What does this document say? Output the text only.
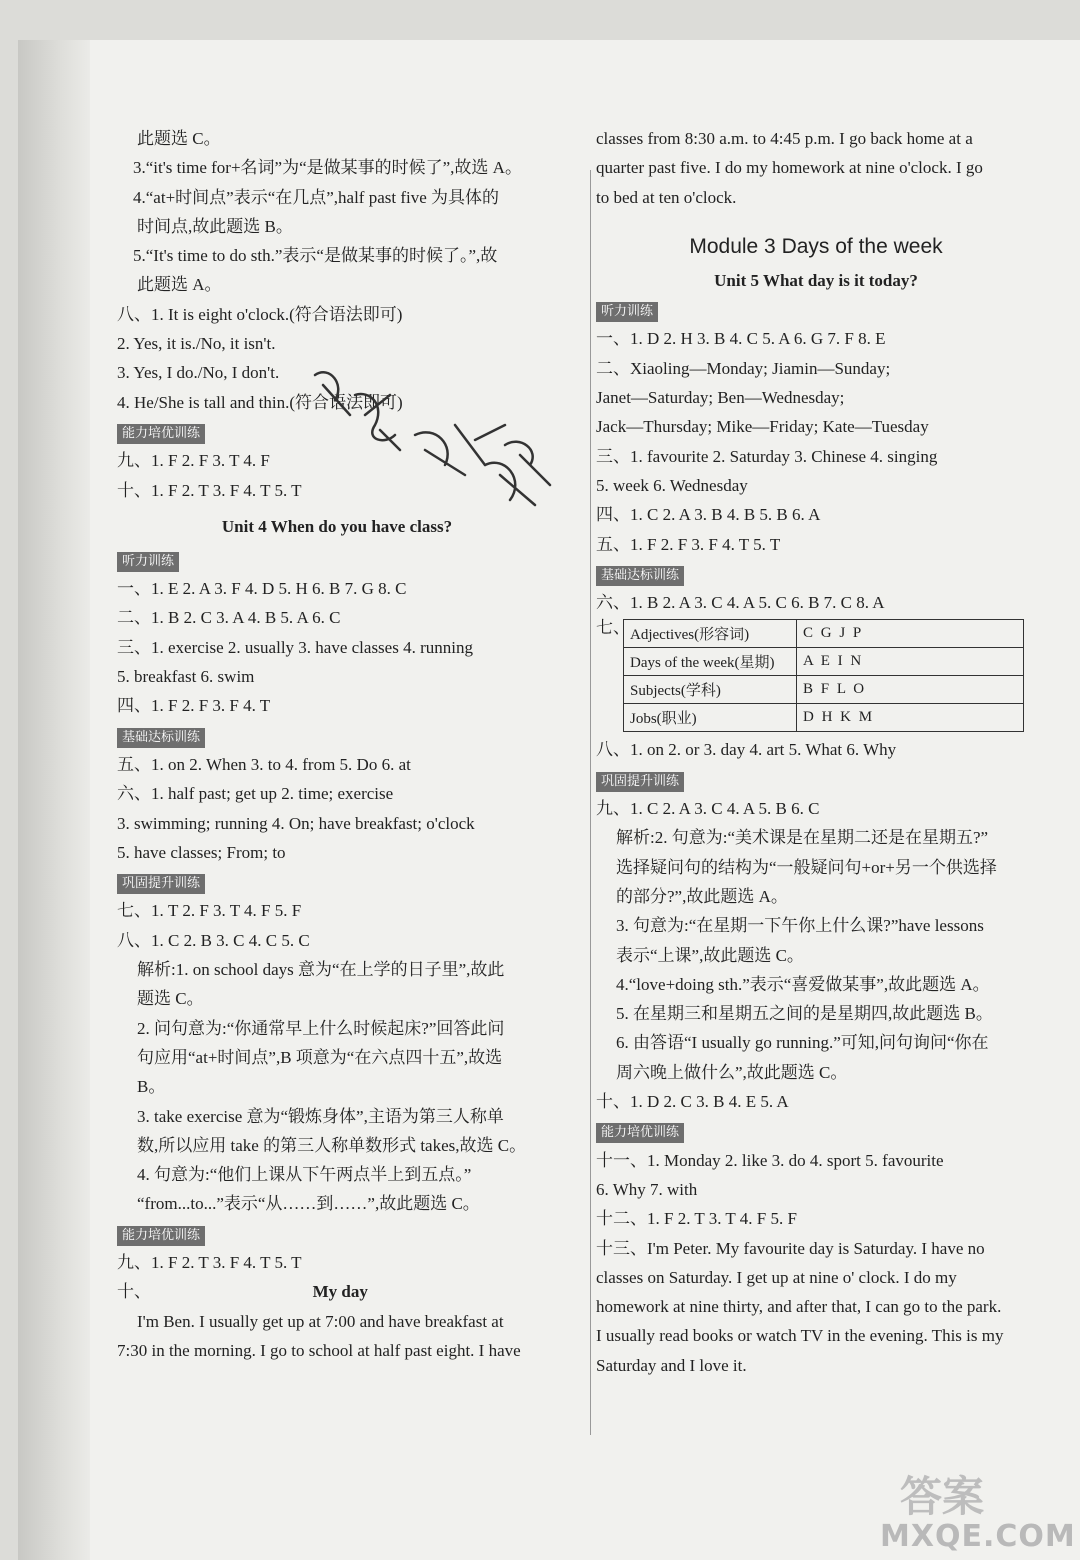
此题选 C。
3.“it's time for+名词”为“是做某事的时候了”,故选 A。
4.“at+时间点”表示“在几点”,half past five 为具体的
时间点,故此题选 B。
5.“It's time to do sth.”表示“是做某事的时候了。”,故
此题选 A。
八、1. It is eight o'clock.(符合语法即可)
2. Yes, it is./No, it isn't.
3. Yes, I do./No, I don't.
4. He/She is tall and thin.(符合语法即可)
能力培优训练
九、1. F 2. F 3. T 4. F
十、1. F 2. T 3. F 4. T 5. T
Unit 4 When do you have class?
听力训练
一、1. E 2. A 3. F 4. D 5. H 6. B 7. G 8. C
二、1. B 2. C 3. A 4. B 5. A 6. C
三、1. exercise 2. usually 3. have classes 4. running
5. breakfast 6. swim
四、1. F 2. F 3. F 4. T
基础达标训练
五、1. on 2. When 3. to 4. from 5. Do 6. at
六、1. half past; get up 2. time; exercise
3. swimming; running 4. On; have breakfast; o'clock
5. have classes; From; to
巩固提升训练
七、1. T 2. F 3. T 4. F 5. F
八、1. C 2. B 3. C 4. C 5. C
解析:1. on school days 意为“在上学的日子里”,故此
题选 C。
2. 问句意为:“你通常早上什么时候起床?”回答此问
句应用“at+时间点”,B 项意为“在六点四十五”,故选
B。
3. take exercise 意为“锻炼身体”,主语为第三人称单
数,所以应用 take 的第三人称单数形式 takes,故选 C。
4. 句意为:“他们上课从下午两点半上到五点。”
“from...to...”表示“从……到……”,故此题选 C。
能力培优训练
九、1. F 2. T 3. F 4. T 5. T
十、	My day
I'm Ben. I usually get up at 7:00 and have breakfast at
7:30 in the morning. I go to school at half past eight. I have
classes from 8:30 a.m. to 4:45 p.m. I go back home at a
quarter past five. I do my homework at nine o'clock. I go
to bed at ten o'clock.
Module 3 Days of the week
Unit 5 What day is it today?
听力训练
一、1. D 2. H 3. B 4. C 5. A 6. G 7. F 8. E
二、Xiaoling—Monday; Jiamin—Sunday;
Janet—Saturday; Ben—Wednesday;
Jack—Thursday; Mike—Friday; Kate—Tuesday
三、1. favourite 2. Saturday 3. Chinese 4. singing
5. week 6. Wednesday
四、1. C 2. A 3. B 4. B 5. B 6. A
五、1. F 2. F 3. F 4. T 5. T
基础达标训练
六、1. B 2. A 3. C 4. A 5. C 6. B 7. C 8. A
七、 Adjectives(形容词)	C G J P
Days of the week(星期)	A E I N
Subjects(学科)	B F L O
Jobs(职业)	D H K M
八、1. on 2. or 3. day 4. art 5. What 6. Why
巩固提升训练
九、1. C 2. A 3. C 4. A 5. B 6. C
解析:2. 句意为:“美术课是在星期二还是在星期五?”
选择疑问句的结构为“一般疑问句+or+另一个供选择
的部分?”,故此题选 A。
3. 句意为:“在星期一下午你上什么课?”have lessons
表示“上课”,故此题选 C。
4.“love+doing sth.”表示“喜爱做某事”,故此题选 A。
5. 在星期三和星期五之间的是星期四,故此题选 B。
6. 由答语“I usually go running.”可知,问句询问“你在
周六晚上做什么”,故此题选 C。
十、1. D 2. C 3. B 4. E 5. A
能力培优训练
十一、1. Monday 2. like 3. do 4. sport 5. favourite
6. Why 7. with
十二、1. F 2. T 3. T 4. F 5. F
十三、I'm Peter. My favourite day is Saturday. I have no
classes on Saturday. I get up at nine o' clock. I do my
homework at nine thirty, and after that, I can go to the park.
I usually read books or watch TV in the evening. This is my
Saturday and I love it.
答案
MXQE.COM
